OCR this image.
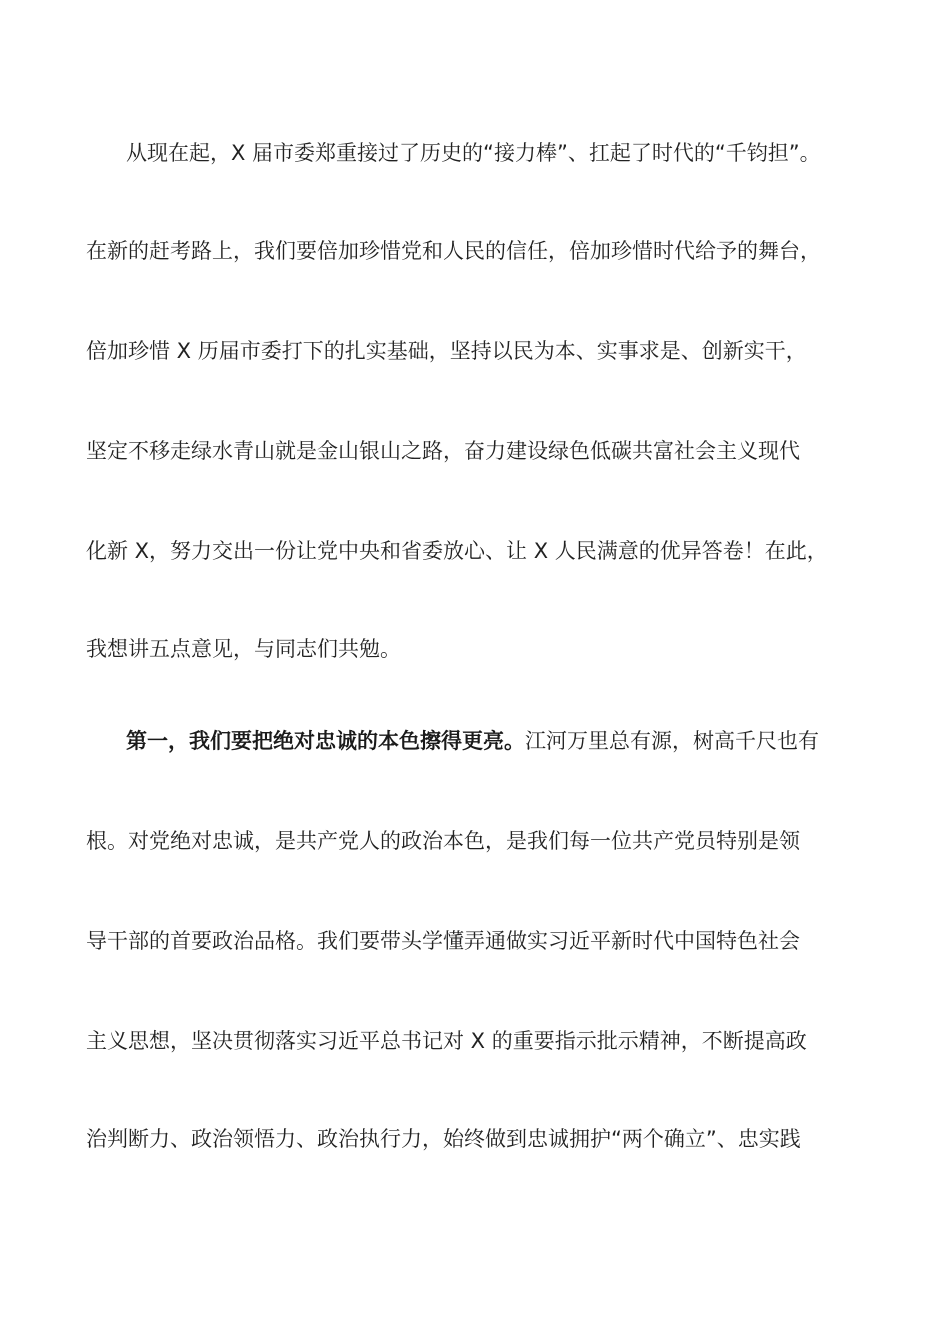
从现在起，X 届市委郑重接过了历史的“接力棒”、扛起了时代的“千钧担”。
在新的赶考路上，我们要倍加珍惜党和人民的信任，倍加珍惜时代给予的舞台，
倍加珍惜 X 历届市委打下的扎实基础，坚持以民为本、实事求是、创新实干，
坚定不移走绿水青山就是金山银山之路，奋力建设绿色低碳共富社会主义现代
化新 X，努力交出一份让党中央和省委放心、让 X 人民满意的优异答卷！在此，
我想讲五点意见，与同志们共勉。
第一，我们要把绝对忠诚的本色擦得更亮。江河万里总有源，树高千尺也有
根。对党绝对忠诚，是共产党人的政治本色，是我们每一位共产党员特别是领
导干部的首要政治品格。我们要带头学懂弄通做实习近平新时代中国特色社会
主义思想，坚决贯彻落实习近平总书记对 X 的重要指示批示精神，不断提高政
治判断力、政治领悟力、政治执行力，始终做到忠诚拥护“两个确立”、忠实践
